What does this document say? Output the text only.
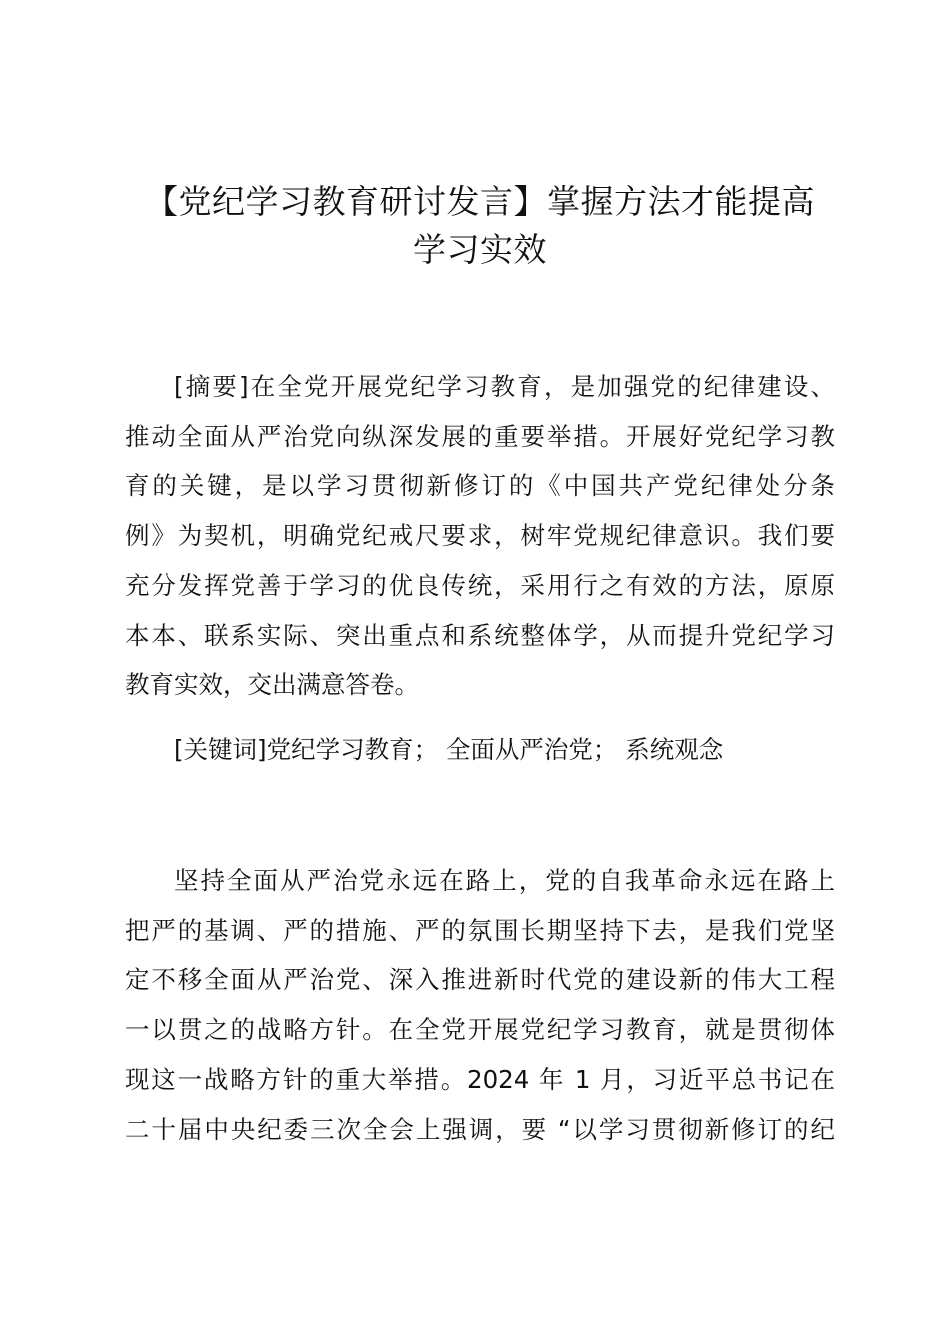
【党纪学习教育研讨发言】掌握方法才能提高
学习实效
[摘要]在全党开展党纪学习教育，是加强党的纪律建设、
推动全面从严治党向纵深发展的重要举措。开展好党纪学习教
育的关键，是以学习贯彻新修订的《中国共产党纪律处分条
例》为契机，明确党纪戒尺要求，树牢党规纪律意识。我们要
充分发挥党善于学习的优良传统，采用行之有效的方法，原原
本本、联系实际、突出重点和系统整体学，从而提升党纪学习
教育实效，交出满意答卷。
[关键词]党纪学习教育； 全面从严治党； 系统观念
坚持全面从严治党永远在路上，党的自我革命永远在路上
把严的基调、严的措施、严的氛围长期坚持下去，是我们党坚
定不移全面从严治党、深入推进新时代党的建设新的伟大工程
一以贯之的战略方针。在全党开展党纪学习教育，就是贯彻体
现这一战略方针的重大举措。2024 年 1 月，习近平总书记在
二十届中央纪委三次全会上强调，要 “以学习贯彻新修订的纪
